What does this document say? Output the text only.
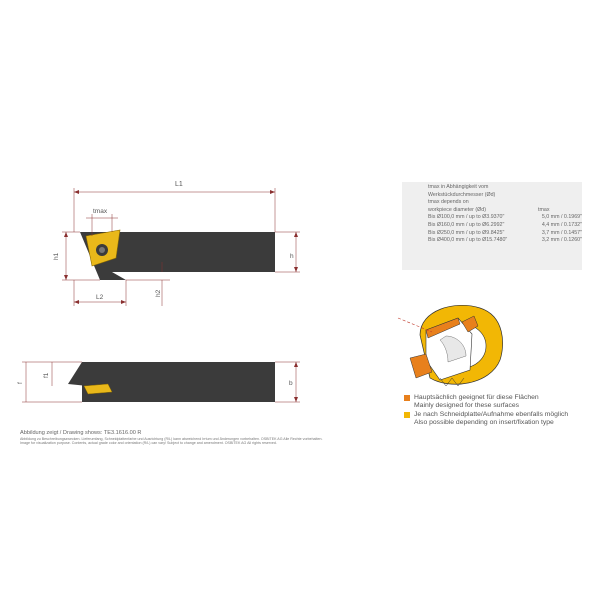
L1
tmax
h1	h
L2
h2
f
f1
b
tmax in Abhängigkeit vom
Werkstückdurchmesser (Ød)
tmax depends on
workpiece diameter (Ød)	tmax
Bis Ø100,0 mm / up to Ø3.9370"	5,0 mm / 0.1969"
Bis Ø160,0 mm / up to Ø6.2992"	4,4 mm / 0.1732"
Bis Ø250,0 mm / up to Ø9.8425"	3,7 mm / 0.1457"
Bis Ø400,0 mm / up to Ø15.7480"	3,2 mm / 0.1260"
Abbildung zeigt / Drawing shows: TE3.1616.00 R
Abbildung zu Beschreibungszwecken. Lieferumfang, Schneidplattenfarbe und Ausrichtung (R/L) kann abweichend Irrtum und Änderungen vorbehalten. OSBITEK AG Alle Rechte vorbehalten.
Image for visualization purpose. Contents, actual grade color and orientation (R/L) can vary! Subject to change and amendment. OSBITEK AG All rights reserved.
Hauptsächlich geeignet für diese Flächen
Mainly designed for these surfaces
Je nach Schneidplatte/Aufnahme ebenfalls möglich
Also possible depending on insert/fixation type
